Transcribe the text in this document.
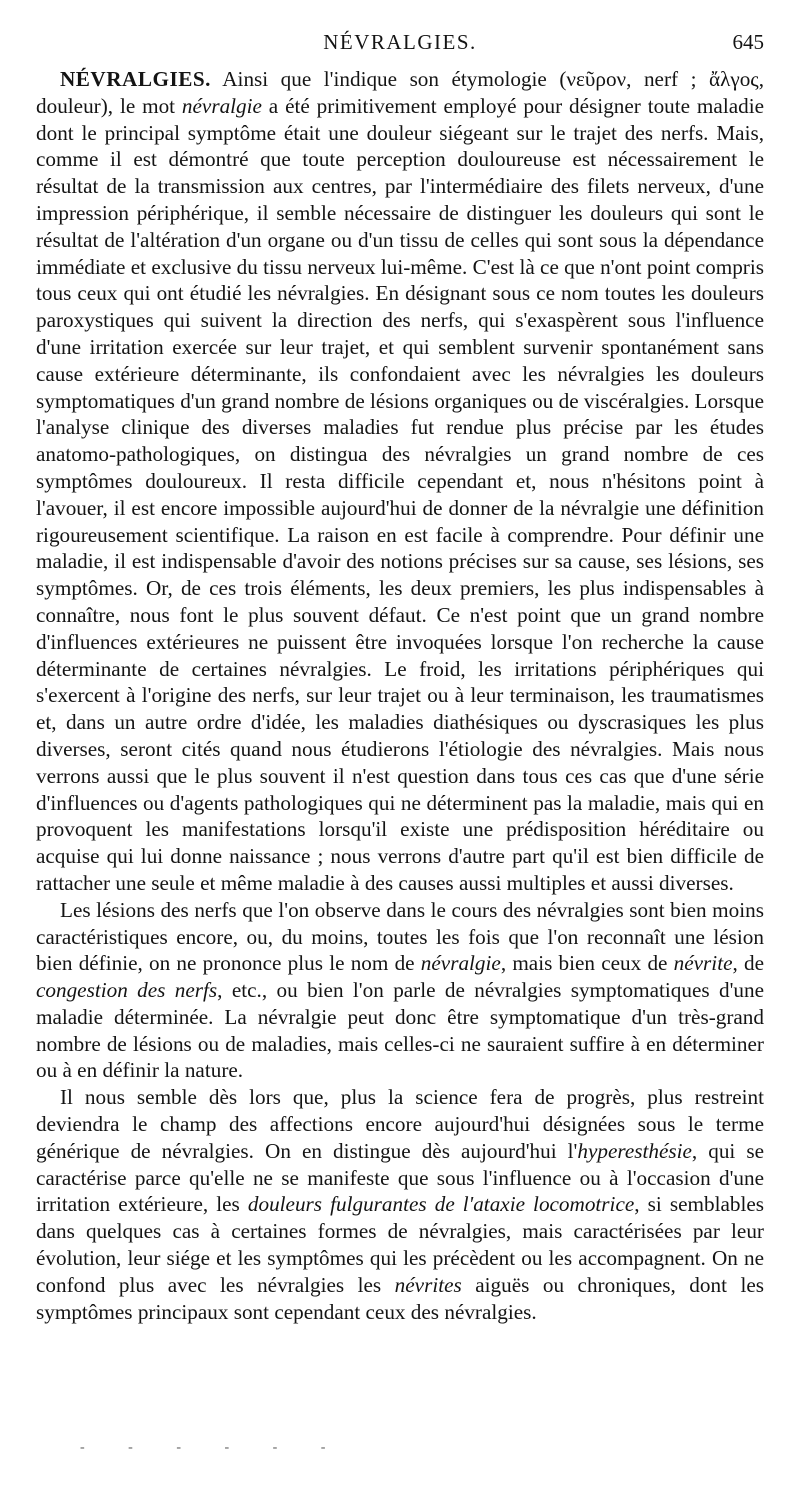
NÉVRALGIES.	645

NÉVRALGIES. Ainsi que l'indique son étymologie (νεῦρον, nerf ; ἄλγος, douleur), le mot névralgie a été primitivement employé pour désigner toute maladie dont le principal symptôme était une douleur siégeant sur le trajet des nerfs. Mais, comme il est démontré que toute perception douloureuse est nécessairement le résultat de la transmission aux centres, par l'intermédiaire des filets nerveux, d'une impression périphérique, il semble nécessaire de distinguer les douleurs qui sont le résultat de l'altération d'un organe ou d'un tissu de celles qui sont sous la dépendance immédiate et exclusive du tissu nerveux lui-même. C'est là ce que n'ont point compris tous ceux qui ont étudié les névralgies. En désignant sous ce nom toutes les douleurs paroxystiques qui suivent la direction des nerfs, qui s'exaspèrent sous l'influence d'une irritation exercée sur leur trajet, et qui semblent survenir spontanément sans cause extérieure déterminante, ils confondaient avec les névralgies les douleurs symptomatiques d'un grand nombre de lésions organiques ou de viscéralgies. Lorsque l'analyse clinique des diverses maladies fut rendue plus précise par les études anatomo-pathologiques, on distingua des névralgies un grand nombre de ces symptômes douloureux. Il resta difficile cependant et, nous n'hésitons point à l'avouer, il est encore impossible aujourd'hui de donner de la névralgie une définition rigoureusement scientifique. La raison en est facile à comprendre. Pour définir une maladie, il est indispensable d'avoir des notions précises sur sa cause, ses lésions, ses symptômes. Or, de ces trois éléments, les deux premiers, les plus indispensables à connaître, nous font le plus souvent défaut. Ce n'est point que un grand nombre d'influences extérieures ne puissent être invoquées lorsque l'on recherche la cause déterminante de certaines névralgies. Le froid, les irritations périphériques qui s'exercent à l'origine des nerfs, sur leur trajet ou à leur terminaison, les traumatismes et, dans un autre ordre d'idée, les maladies diathésiques ou dyscrasiques les plus diverses, seront cités quand nous étudierons l'étiologie des névralgies. Mais nous verrons aussi que le plus souvent il n'est question dans tous ces cas que d'une série d'influences ou d'agents pathologiques qui ne déterminent pas la maladie, mais qui en provoquent les manifestations lorsqu'il existe une prédisposition héréditaire ou acquise qui lui donne naissance ; nous verrons d'autre part qu'il est bien difficile de rattacher une seule et même maladie à des causes aussi multiples et aussi diverses.

Les lésions des nerfs que l'on observe dans le cours des névralgies sont bien moins caractéristiques encore, ou, du moins, toutes les fois que l'on reconnaît une lésion bien définie, on ne prononce plus le nom de névralgie, mais bien ceux de névrite, de congestion des nerfs, etc., ou bien l'on parle de névralgies symptomatiques d'une maladie déterminée. La névralgie peut donc être symptomatique d'un très-grand nombre de lésions ou de maladies, mais celles-ci ne sauraient suffire à en déterminer ou à en définir la nature.

Il nous semble dès lors que, plus la science fera de progrès, plus restreint deviendra le champ des affections encore aujourd'hui désignées sous le terme générique de névralgies. On en distingue dès aujourd'hui l'hyperesthésie, qui se caractérise parce qu'elle ne se manifeste que sous l'influence ou à l'occasion d'une irritation extérieure, les douleurs fulgurantes de l'ataxie locomotrice, si semblables dans quelques cas à certaines formes de névralgies, mais caractérisées par leur évolution, leur siége et les symptômes qui les précèdent ou les accompagnent. On ne confond plus avec les névralgies les névrites aiguës ou chroniques, dont les symptômes principaux sont cependant ceux des névralgies.

- - - - - -
